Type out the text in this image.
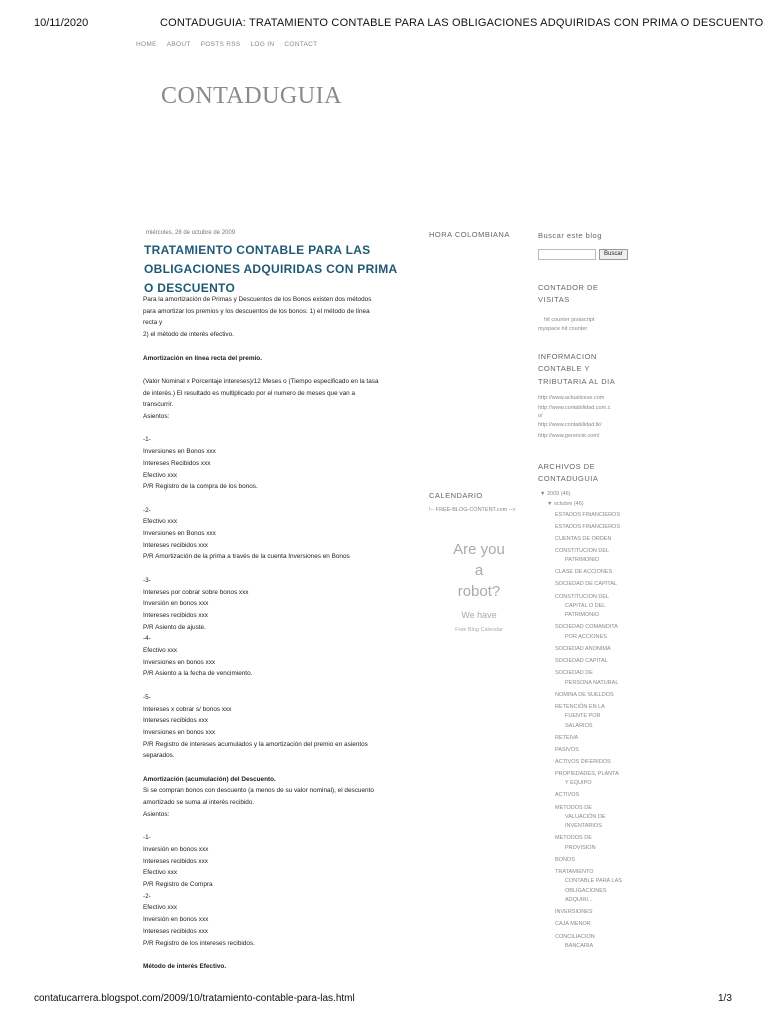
10/11/2020	CONTADUGUIA: TRATAMIENTO CONTABLE PARA LAS OBLIGACIONES ADQUIRIDAS CON PRIMA O DESCUENTO
contatucarrera.blogspot.com/2009/10/tratamiento-contable-para-las.html	1/3
HOME ABOUT POSTS RSS LOG IN CONTACT
CONTADUGUIA
miércoles, 28 de octubre de 2009
TRATAMIENTO CONTABLE PARA LAS OBLIGACIONES ADQUIRIDAS CON PRIMA O DESCUENTO

Para la amortización de Primas y Descuentos de los Bonos existen dos métodos

para amortizar los premios y los descuentos de los bonos: 1) el método de línea

recta y

2) el método de interés efectivo.

Amortización en línea recta del premio.

(Valor Nominal x Porcentaje intereses)/12 Meses o (Tiempo especificado en la tasa

de interés.) El resultado es multiplicado por el numero de meses que van a

transcurrir.

Asientos:

-1-

Inversiones en Bonos xxx

Intereses Recibidos xxx

Efectivo xxx

P/R Registro de la compra de los bonos.

-2-

Efectivo xxx

Inversiones en Bonos xxx

Intereses recibidos xxx

P/R Amortización de la prima a través de la cuenta Inversiones en Bonos

-3-

Intereses por cobrar sobre bonos xxx

Inversión en bonos xxx

Intereses recibidos xxx

P/R Asiento de ajuste.

-4-

Efectivo xxx

Inversiones en bonos xxx

P/R Asiento a la fecha de vencimiento.

-5-

Intereses x cobrar s/ bonos xxx

Intereses recibidos xxx

Inversiones en bonos xxx

P/R Registro de intereses acumulados y la amortización del premio en asientos

separados.

Amortización (acumulación) del Descuento.

Si se compran bonos con descuento (a menos de su valor nominal), el descuento

amortizado se suma al interés recibido.

Asientos:

-1-

Inversión en bonos xxx

Intereses recibidos xxx

Efectivo xxx

P/R Registro de Compra

-2-

Efectivo xxx

Inversión en bonos xxx

Intereses recibidos xxx

P/R Registro de los intereses recibidos.

Método de interés Efectivo.

HORA COLOMBIANA
CALENDARIO
!-- FREE-BLOG-CONTENT.com -->
Are you
a
robot?
We have
Free Blog Calendar
Buscar este blog
Buscar
CONTADOR DE VISITAS
hit counter javascript
myspace hit counter
INFORMACION CONTABLE Y TRIBUTARIA AL DIA
http://www.actualicese.com
http://www.contabilidad.com.c
o/
http://www.contabilidad.tk/
http://www.gerencie.com/
ARCHIVOS DE CONTADUGUIA
▼ 2009 (46)
▼ octubre (46)
ESTADOS FINANCIEROS
ESTADOS FINANCIEROS
CUENTAS DE ORDEN
CONSTITUCION DEL
PATRIMONIO
CLASE DE ACCIONES
SOCIEDAD DE CAPITAL
CONSTITUCION DEL
CAPITAL O DEL
PATRIMONIO
SOCIEDAD COMANDITA
POR ACCIONES
SOCIEDAD ANONIMA
SOCIEDAD CAPITAL
SOCIEDAD DE
PERSONA NATURAL
NOMINA DE SUELDOS
RETENCIÓN EN LA
FUENTE POR
SALARIOS
RETEIVA
PASIVOS
ACTIVOS DIFERIDOS
PROPIEDADES, PLANTA
Y EQUIPO
ACTIVOS
METODOS DE
VALUACIÓN DE
INVENTARIOS
METODOS DE
PROVISION
BONOS
TRATAMIENTO
CONTABLE PARA LAS
OBLIGACIONES
ADQUIRI...
INVERSIONES
CAJA MENOR
CONCILIACION
BANCARIA
